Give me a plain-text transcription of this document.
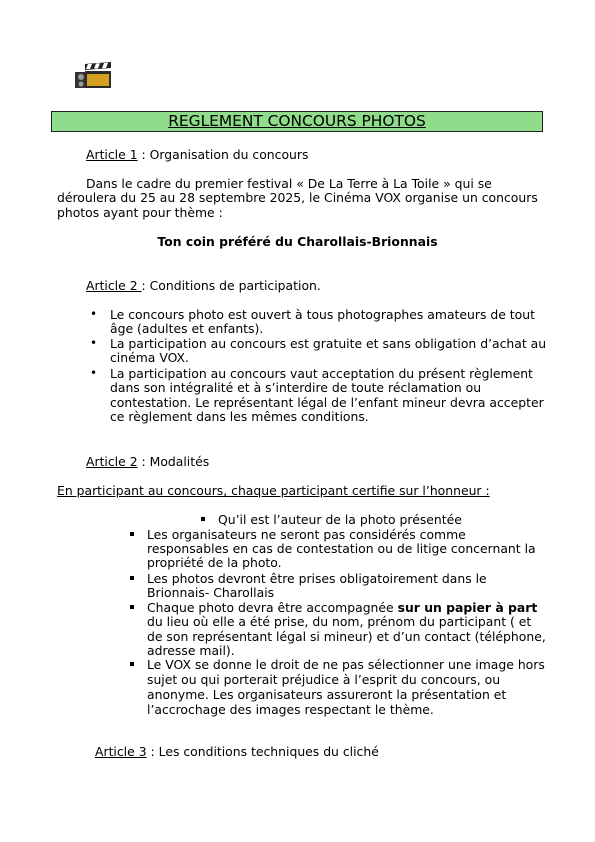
REGLEMENT CONCOURS PHOTOS
Article 1 : Organisation du concours
Dans le cadre du premier festival « De La Terre à La Toile » qui se
déroulera du 25 au 28 septembre 2025, le Cinéma VOX organise un concours
photos ayant pour thème :
Ton coin préféré du Charollais-Brionnais
Article 2 : Conditions de participation.
• Le concours photo est ouvert à tous photographes amateurs de tout
âge (adultes et enfants).
• La participation au concours est gratuite et sans obligation d’achat au
cinéma VOX.
• La participation au concours vaut acceptation du présent règlement
dans son intégralité et à s’interdire de toute réclamation ou
contestation. Le représentant légal de l’enfant mineur devra accepter
ce règlement dans les mêmes conditions.
Article 2 : Modalités
En participant au concours, chaque participant certifie sur l’honneur :
Qu’il est l’auteur de la photo présentée
Les organisateurs ne seront pas considérés comme
responsables en cas de contestation ou de litige concernant la
propriété de la photo.
Les photos devront être prises obligatoirement dans le
Brionnais- Charollais
Chaque photo devra être accompagnée sur un papier à part
du lieu où elle a été prise, du nom, prénom du participant ( et
de son représentant légal si mineur) et d’un contact (téléphone,
adresse mail).
Le VOX se donne le droit de ne pas sélectionner une image hors
sujet ou qui porterait préjudice à l’esprit du concours, ou
anonyme. Les organisateurs assureront la présentation et
l’accrochage des images respectant le thème.
Article 3 : Les conditions techniques du cliché
